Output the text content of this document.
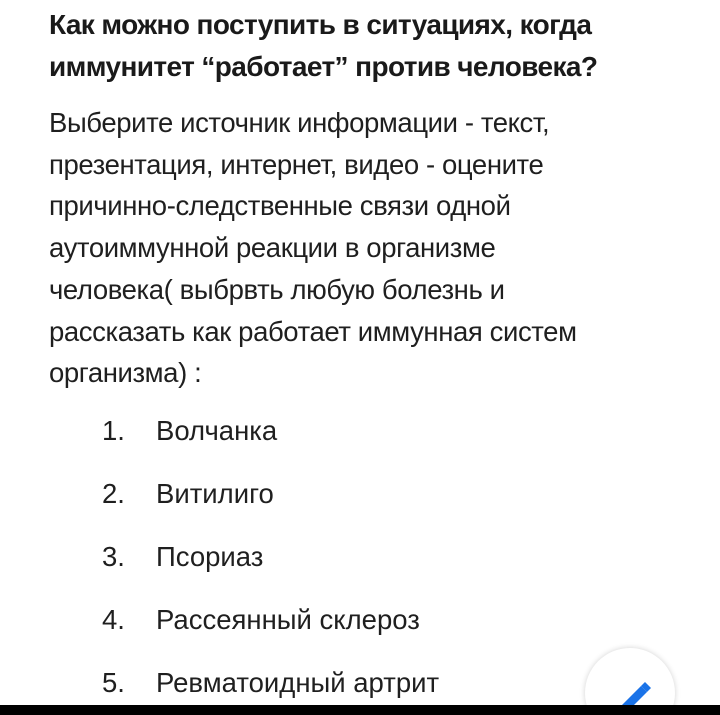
Как можно поступить в ситуациях, когда
иммунитет “работает” против человека?

Выберите источник информации - текст,
презентация, интернет, видео - оцените
причинно-следственные связи одной
аутоиммунной реакции в организме
человека( выбрвть любую болезнь и
рассказать как работает иммунная систем
организма) :

1. Волчанка
2. Витилиго
3. Псориаз
4. Рассеянный склероз
5. Ревматоидный артрит
